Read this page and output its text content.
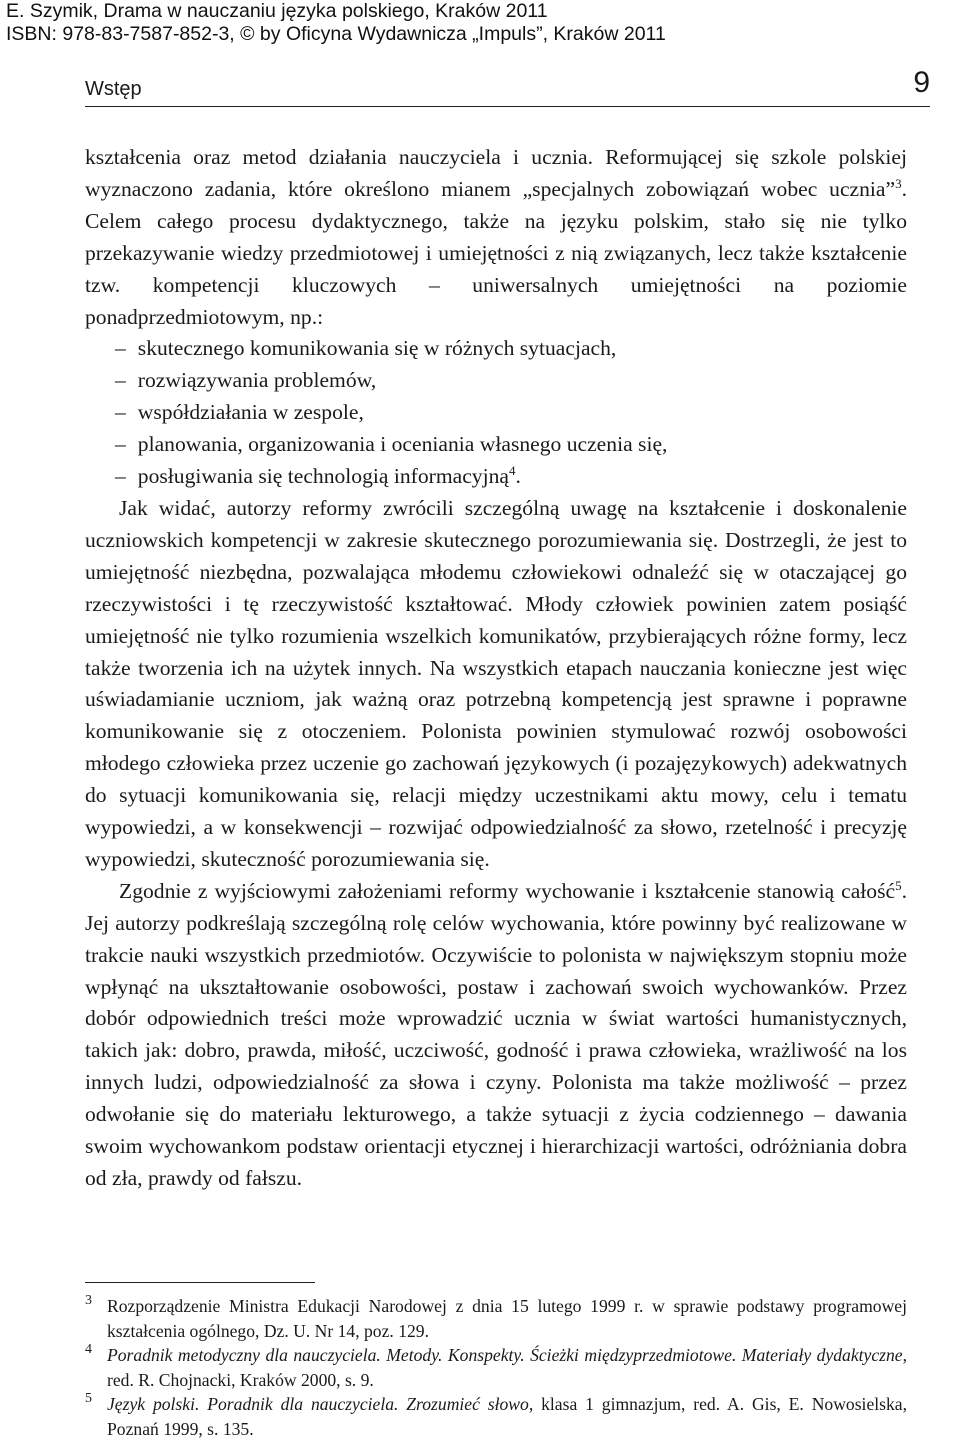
E. Szymik, Drama w nauczaniu języka polskiego, Kraków 2011
ISBN: 978-83-7587-852-3, © by Oficyna Wydawnicza „Impuls”, Kraków 2011
Wstęp	9

kształcenia oraz metod działania nauczyciela i ucznia. Reformującej się szkole polskiej wyznaczono zadania, które określono mianem „specjalnych zobowiązań wobec ucznia”$^3$. Celem całego procesu dydaktycznego, także na języku polskim, stało się nie tylko przekazywanie wiedzy przedmiotowej i umiejętności z nią związanych, lecz także kształcenie tzw. kompetencji kluczowych – uniwersalnych umiejętności na poziomie ponadprzedmiotowym, np.:

– skutecznego komunikowania się w różnych sytuacjach,
– rozwiązywania problemów,
– współdziałania w zespole,
– planowania, organizowania i oceniania własnego uczenia się,
– posługiwania się technologią informacyjną$^4$.

Jak widać, autorzy reformy zwrócili szczególną uwagę na kształcenie i doskonalenie uczniowskich kompetencji w zakresie skutecznego porozumiewania się. Dostrzegli, że jest to umiejętność niezbędna, pozwalająca młodemu człowiekowi odnaleźć się w otaczającej go rzeczywistości i tę rzeczywistość kształtować. Młody człowiek powinien zatem posiąść umiejętność nie tylko rozumienia wszelkich komunikatów, przybierających różne formy, lecz także tworzenia ich na użytek innych. Na wszystkich etapach nauczania konieczne jest więc uświadamianie uczniom, jak ważną oraz potrzebną kompetencją jest sprawne i poprawne komunikowanie się z otoczeniem. Polonista powinien stymulować rozwój osobowości młodego człowieka przez uczenie go zachowań językowych (i pozajęzykowych) adekwatnych do sytuacji komunikowania się, relacji między uczestnikami aktu mowy, celu i tematu wypowiedzi, a w konsekwencji – rozwijać odpowiedzialność za słowo, rzetelność i precyzję wypowiedzi, skuteczność porozumiewania się.

Zgodnie z wyjściowymi założeniami reformy wychowanie i kształcenie stanowią całość$^5$. Jej autorzy podkreślają szczególną rolę celów wychowania, które powinny być realizowane w trakcie nauki wszystkich przedmiotów. Oczywiście to polonista w największym stopniu może wpłynąć na ukształtowanie osobowości, postaw i zachowań swoich wychowanków. Przez dobór odpowiednich treści może wprowadzić ucznia w świat wartości humanistycznych, takich jak: dobro, prawda, miłość, uczciwość, godność i prawa człowieka, wrażliwość na los innych ludzi, odpowiedzialność za słowa i czyny. Polonista ma także możliwość – przez odwołanie się do materiału lekturowego, a także sytuacji z życia codziennego – dawania swoim wychowankom podstaw orientacji etycznej i hierarchizacji wartości, odróżniania dobra od zła, prawdy od fałszu.

3 Rozporządzenie Ministra Edukacji Narodowej z dnia 15 lutego 1999 r. w sprawie podstawy programowej kształcenia ogólnego, Dz. U. Nr 14, poz. 129.
4 Poradnik metodyczny dla nauczyciela. Metody. Konspekty. Ścieżki międzyprzedmiotowe. Materiały dydaktyczne, red. R. Chojnacki, Kraków 2000, s. 9.
5 Język polski. Poradnik dla nauczyciela. Zrozumieć słowo, klasa 1 gimnazjum, red. A. Gis, E. Nowosielska, Poznań 1999, s. 135.
